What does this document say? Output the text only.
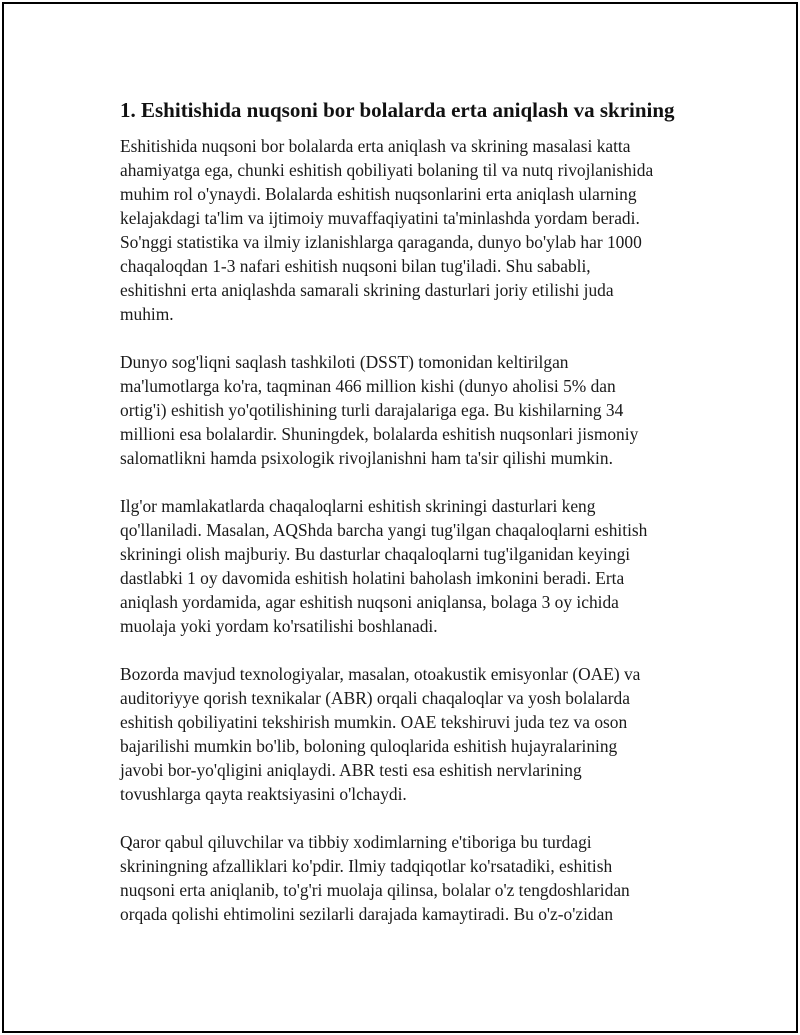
1. Eshitishida nuqsoni bor bolalarda erta aniqlash va skrining
Eshitishida nuqsoni bor bolalarda erta aniqlash va skrining masalasi katta
ahamiyatga ega, chunki eshitish qobiliyati bolaning til va nutq rivojlanishida
muhim rol o'ynaydi. Bolalarda eshitish nuqsonlarini erta aniqlash ularning
kelajakdagi ta'lim va ijtimoiy muvaffaqiyatini ta'minlashda yordam beradi.
So'nggi statistika va ilmiy izlanishlarga qaraganda, dunyo bo'ylab har 1000
chaqaloqdan 1-3 nafari eshitish nuqsoni bilan tug'iladi. Shu sababli,
eshitishni erta aniqlashda samarali skrining dasturlari joriy etilishi juda
muhim.
Dunyo sog'liqni saqlash tashkiloti (DSST) tomonidan keltirilgan
ma'lumotlarga ko'ra, taqminan 466 million kishi (dunyo aholisi 5% dan
ortig'i) eshitish yo'qotilishining turli darajalariga ega. Bu kishilarning 34
millioni esa bolalardir. Shuningdek, bolalarda eshitish nuqsonlari jismoniy
salomatlikni hamda psixologik rivojlanishni ham ta'sir qilishi mumkin.
Ilg'or mamlakatlarda chaqaloqlarni eshitish skriningi dasturlari keng
qo'llaniladi. Masalan, AQShda barcha yangi tug'ilgan chaqaloqlarni eshitish
skriningi olish majburiy. Bu dasturlar chaqaloqlarni tug'ilganidan keyingi
dastlabki 1 oy davomida eshitish holatini baholash imkonini beradi. Erta
aniqlash yordamida, agar eshitish nuqsoni aniqlansa, bolaga 3 oy ichida
muolaja yoki yordam ko'rsatilishi boshlanadi.
Bozorda mavjud texnologiyalar, masalan, otoakustik emisyonlar (OAE) va
auditoriyye qorish texnikalar (ABR) orqali chaqaloqlar va yosh bolalarda
eshitish qobiliyatini tekshirish mumkin. OAE tekshiruvi juda tez va oson
bajarilishi mumkin bo'lib, boloning quloqlarida eshitish hujayralarining
javobi bor-yo'qligini aniqlaydi. ABR testi esa eshitish nervlarining
tovushlarga qayta reaktsiyasini o'lchaydi.
Qaror qabul qiluvchilar va tibbiy xodimlarning e'tiboriga bu turdagi
skriningning afzalliklari ko'pdir. Ilmiy tadqiqotlar ko'rsatadiki, eshitish
nuqsoni erta aniqlanib, to'g'ri muolaja qilinsa, bolalar o'z tengdoshlaridan
orqada qolishi ehtimolini sezilarli darajada kamaytiradi. Bu o'z-o'zidan
